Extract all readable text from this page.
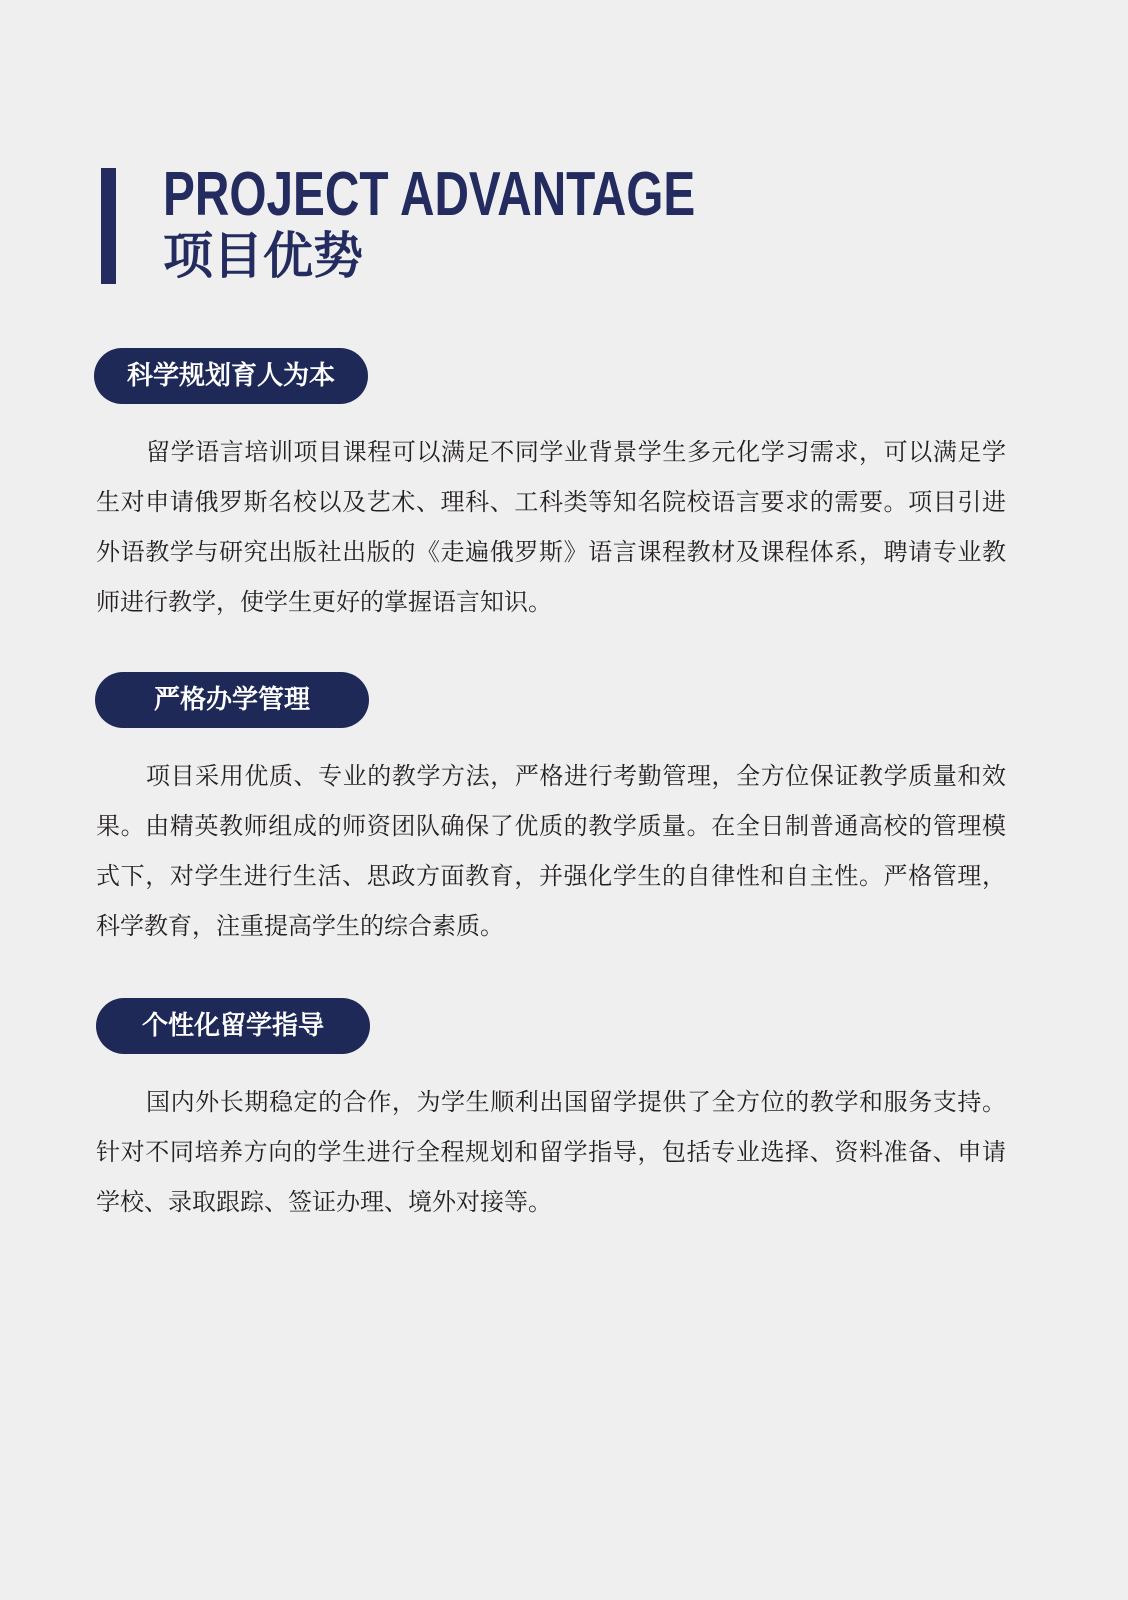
PROJECT ADVANTAGE
项目优势
科学规划育人为本

留学语言培训项目课程可以满足不同学业背景学生多元化学习需求，可以满足学生对申请俄罗斯名校以及艺术、理科、工科类等知名院校语言要求的需要。项目引进外语教学与研究出版社出版的《走遍俄罗斯》语言课程教材及课程体系，聘请专业教师进行教学，使学生更好的掌握语言知识。

严格办学管理

项目采用优质、专业的教学方法，严格进行考勤管理，全方位保证教学质量和效果。由精英教师组成的师资团队确保了优质的教学质量。在全日制普通高校的管理模式下，对学生进行生活、思政方面教育，并强化学生的自律性和自主性。严格管理，科学教育，注重提高学生的综合素质。

个性化留学指导

国内外长期稳定的合作，为学生顺利出国留学提供了全方位的教学和服务支持。针对不同培养方向的学生进行全程规划和留学指导，包括专业选择、资料准备、申请学校、录取跟踪、签证办理、境外对接等。
